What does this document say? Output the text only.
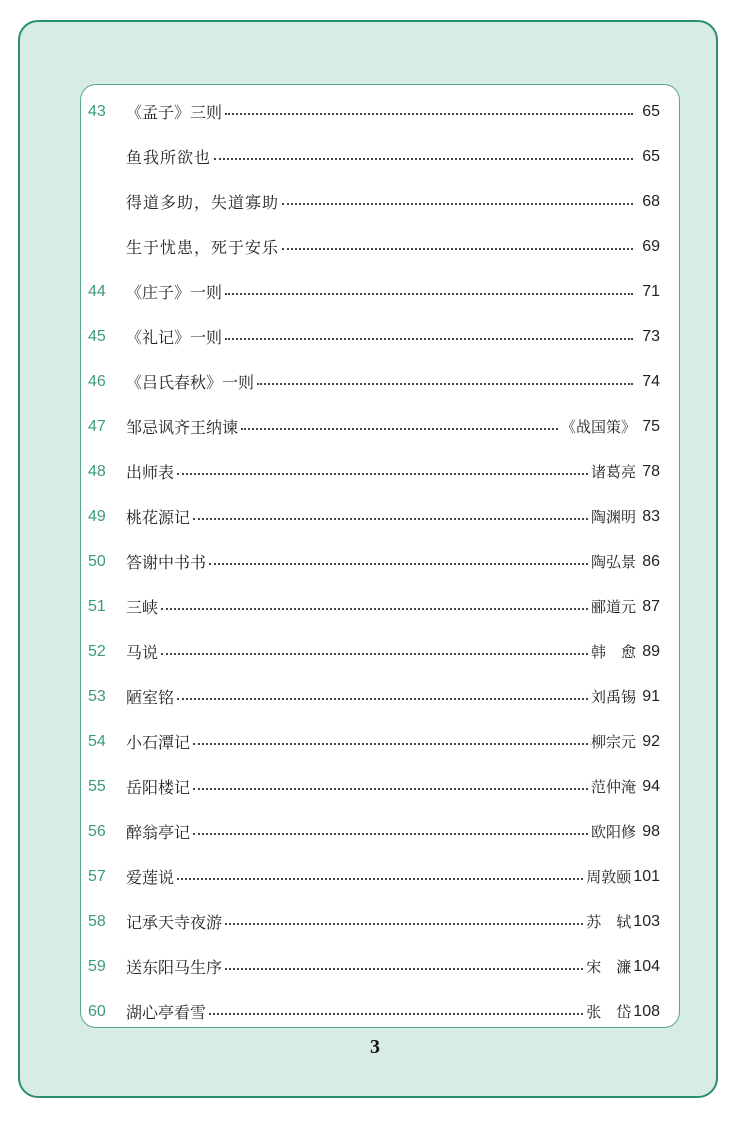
43	《孟子》三则	65
鱼我所欲也	65
得道多助，失道寡助	68
生于忧患，死于安乐	69
44	《庄子》一则	71
45	《礼记》一则	73
46	《吕氏春秋》一则	74
47	邹忌讽齐王纳谏	《战国策》 75
48	出师表	诸葛亮 78
49	桃花源记	陶渊明 83
50	答谢中书书	陶弘景 86
51	三峡	郦道元 87
52	马说	韩　愈 89
53	陋室铭	刘禹锡 91
54	小石潭记	柳宗元 92
55	岳阳楼记	范仲淹 94
56	醉翁亭记	欧阳修 98
57	爱莲说	周敦颐 101
58	记承天寺夜游	苏　轼 103
59	送东阳马生序	宋　濂 104
60	湖心亭看雪	张　岱 108
3
